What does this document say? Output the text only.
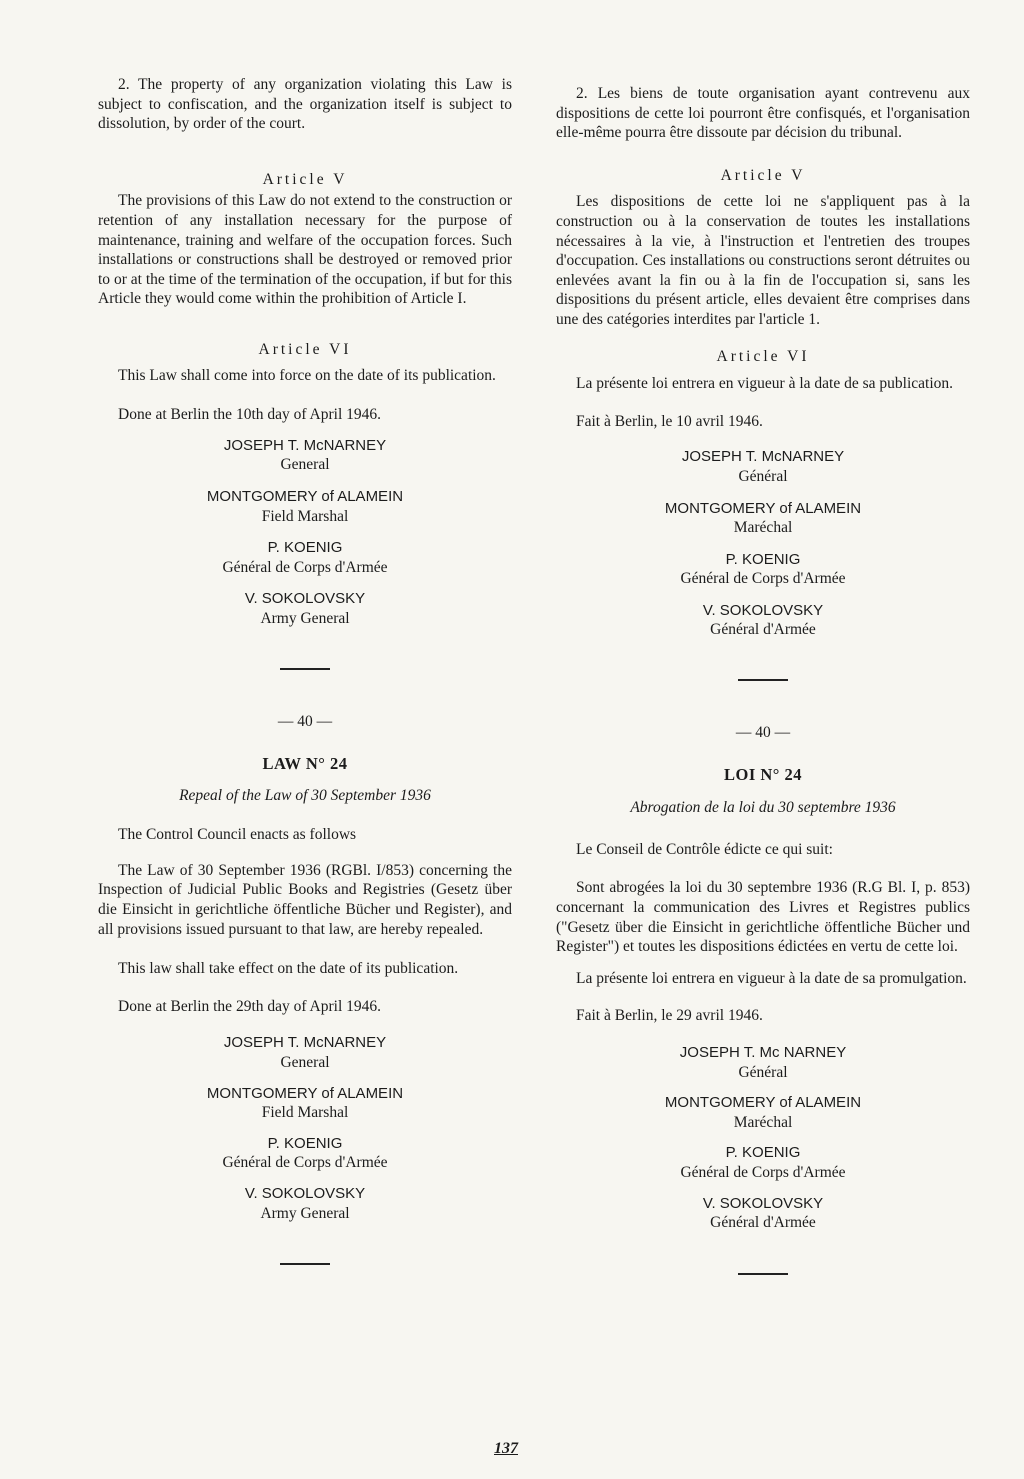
2. The property of any organization violating this Law is subject to confiscation, and the organization itself is subject to dissolution, by order of the court.

Article V

The provisions of this Law do not extend to the construction or retention of any installation necessary for the purpose of maintenance, training and welfare of the occupation forces. Such installations or constructions shall be destroyed or removed prior to or at the time of the termination of the occupation, if but for this Article they would come within the prohibition of Article I.

Article VI

This Law shall come into force on the date of its publication.

Done at Berlin the 10th day of April 1946.

JOSEPH T. McNARNEY
General
MONTGOMERY of ALAMEIN
Field Marshal
P. KOENIG
Général de Corps d'Armée
V. SOKOLOVSKY
Army General
— 40 —
LAW N° 24
Repeal of the Law of 30 September 1936

The Control Council enacts as follows

The Law of 30 September 1936 (RGBl. I/853) concerning the Inspection of Judicial Public Books and Registries (Gesetz über die Einsicht in gerichtliche öffentliche Bücher und Register), and all provisions issued pursuant to that law, are hereby repealed.

This law shall take effect on the date of its publication.

Done at Berlin the 29th day of April 1946.

JOSEPH T. McNARNEY
General
MONTGOMERY of ALAMEIN
Field Marshal
P. KOENIG
Général de Corps d'Armée
V. SOKOLOVSKY
Army General

2. Les biens de toute organisation ayant contrevenu aux dispositions de cette loi pourront être confisqués, et l'organisation elle-même pourra être dissoute par décision du tribunal.

Article V

Les dispositions de cette loi ne s'appliquent pas à la construction ou à la conservation de toutes les installations nécessaires à la vie, à l'instruction et l'entretien des troupes d'occupation. Ces installations ou constructions seront détruites ou enlevées avant la fin ou à la fin de l'occupation si, sans les dispositions du présent article, elles devaient être comprises dans une des catégories interdites par l'article 1.

Article VI

La présente loi entrera en vigueur à la date de sa publication.

Fait à Berlin, le 10 avril 1946.

JOSEPH T. McNARNEY
Général
MONTGOMERY of ALAMEIN
Maréchal
P. KOENIG
Général de Corps d'Armée
V. SOKOLOVSKY
Général d'Armée
— 40 —
LOI N° 24
Abrogation de la loi du 30 septembre 1936

Le Conseil de Contrôle édicte ce qui suit:

Sont abrogées la loi du 30 septembre 1936 (R.G Bl. I, p. 853) concernant la communication des Livres et Registres publics ("Gesetz über die Einsicht in gerichtliche öffentliche Bücher und Register") et toutes les dispositions édictées en vertu de cette loi.

La présente loi entrera en vigueur à la date de sa promulgation.

Fait à Berlin, le 29 avril 1946.

JOSEPH T. Mc NARNEY
Général
MONTGOMERY of ALAMEIN
Maréchal
P. KOENIG
Général de Corps d'Armée
V. SOKOLOVSKY
Général d'Armée
137
